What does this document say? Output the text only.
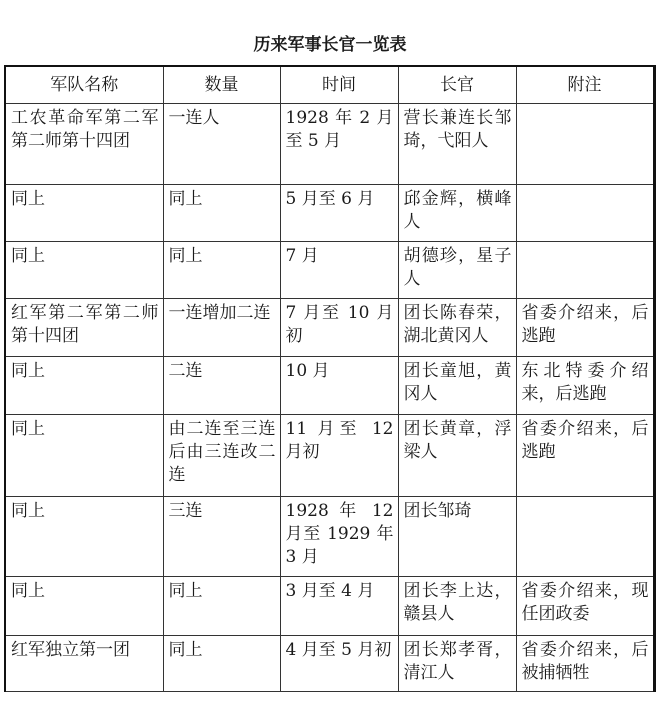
历来军事长官一览表
军队名称	数量	时间	长官	附注
工农革命军第二军第二师第十四团	一连人	1928 年 2 月至 5 月	营长兼连长邹琦，弋阳人	
同上	同上	5 月至 6 月	邱金辉，横峰人	
同上	同上	7 月	胡德珍，星子人	
红军第二军第二师第十四团	一连增加二连	7 月至 10 月初	团长陈春荣，湖北黄冈人	省委介绍来，后逃跑
同上	二连	10 月	团长童旭，黄冈人	东北特委介绍来，后逃跑
同上	由二连至三连后由三连改二连	11 月至 12 月初	团长黄章，浮梁人	省委介绍来，后逃跑
同上	三连	1928 年 12 月至 1929 年 3 月	团长邹琦	
同上	同上	3 月至 4 月	团长李上达，赣县人	省委介绍来，现任团政委
红军独立第一团	同上	4 月至 5 月初	团长郑孝胥，清江人	省委介绍来，后被捕牺牲
